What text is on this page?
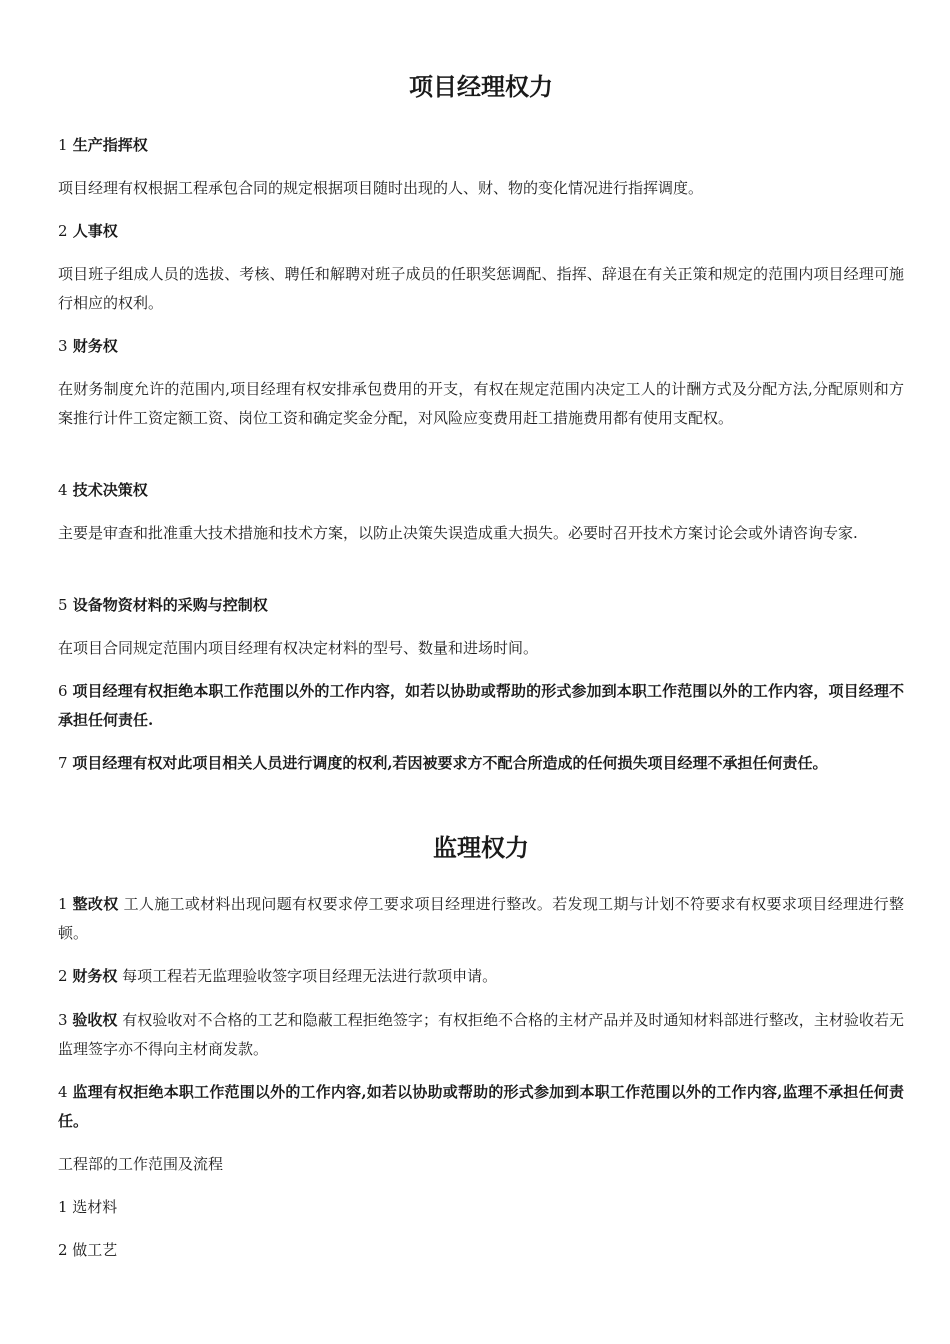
项目经理权力

1 生产指挥权

项目经理有权根据工程承包合同的规定根据项目随时出现的人、财、物的变化情况进行指挥调度。

2 人事权

项目班子组成人员的选拔、考核、聘任和解聘对班子成员的任职奖惩调配、指挥、辞退在有关正策和规定的范围内项目经理可施行相应的权利。

3 财务权

在财务制度允许的范围内,项目经理有权安排承包费用的开支，有权在规定范围内决定工人的计酬方式及分配方法,分配原则和方案推行计件工资定额工资、岗位工资和确定奖金分配，对风险应变费用赶工措施费用都有使用支配权。

4 技术决策权

主要是审查和批准重大技术措施和技术方案，以防止决策失误造成重大损失。必要时召开技术方案讨论会或外请咨询专家.

5 设备物资材料的采购与控制权

在项目合同规定范围内项目经理有权决定材料的型号、数量和进场时间。

6 项目经理有权拒绝本职工作范围以外的工作内容，如若以协助或帮助的形式参加到本职工作范围以外的工作内容，项目经理不承担任何责任.

7 项目经理有权对此项目相关人员进行调度的权利,若因被要求方不配合所造成的任何损失项目经理不承担任何责任。

监理权力

1 整改权 工人施工或材料出现问题有权要求停工要求项目经理进行整改。若发现工期与计划不符要求有权要求项目经理进行整顿。

2 财务权 每项工程若无监理验收签字项目经理无法进行款项申请。

3 验收权 有权验收对不合格的工艺和隐蔽工程拒绝签字；有权拒绝不合格的主材产品并及时通知材料部进行整改，主材验收若无监理签字亦不得向主材商发款。

4 监理有权拒绝本职工作范围以外的工作内容,如若以协助或帮助的形式参加到本职工作范围以外的工作内容,监理不承担任何责任。

工程部的工作范围及流程

1 选材料

2 做工艺
